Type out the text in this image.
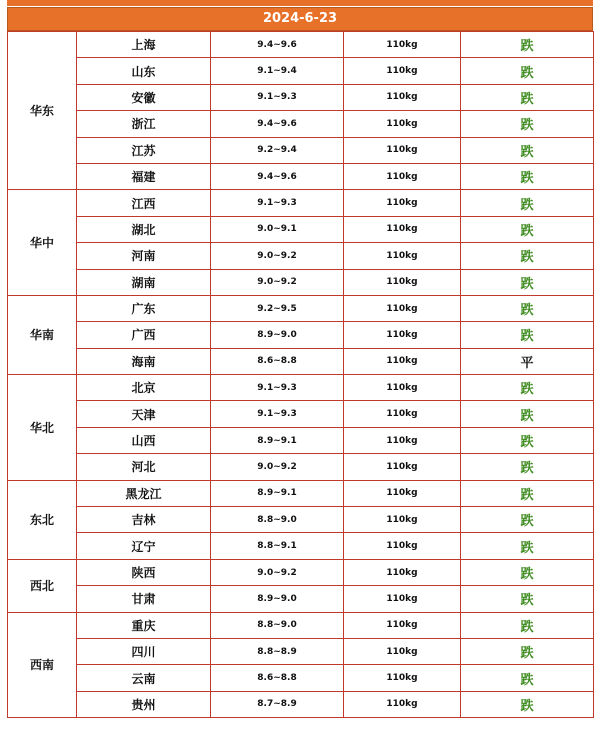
2024-6-23
华东	上海	9.4~9.6	110kg	跌
	山东	9.1~9.4	110kg	跌
	安徽	9.1~9.3	110kg	跌
	浙江	9.4~9.6	110kg	跌
	江苏	9.2~9.4	110kg	跌
	福建	9.4~9.6	110kg	跌
华中	江西	9.1~9.3	110kg	跌
	湖北	9.0~9.1	110kg	跌
	河南	9.0~9.2	110kg	跌
	湖南	9.0~9.2	110kg	跌
华南	广东	9.2~9.5	110kg	跌
	广西	8.9~9.0	110kg	跌
	海南	8.6~8.8	110kg	平
华北	北京	9.1~9.3	110kg	跌
	天津	9.1~9.3	110kg	跌
	山西	8.9~9.1	110kg	跌
	河北	9.0~9.2	110kg	跌
东北	黑龙江	8.9~9.1	110kg	跌
	吉林	8.8~9.0	110kg	跌
	辽宁	8.8~9.1	110kg	跌
西北	陕西	9.0~9.2	110kg	跌
	甘肃	8.9~9.0	110kg	跌
西南	重庆	8.8~9.0	110kg	跌
	四川	8.8~8.9	110kg	跌
	云南	8.6~8.8	110kg	跌
	贵州	8.7~8.9	110kg	跌
